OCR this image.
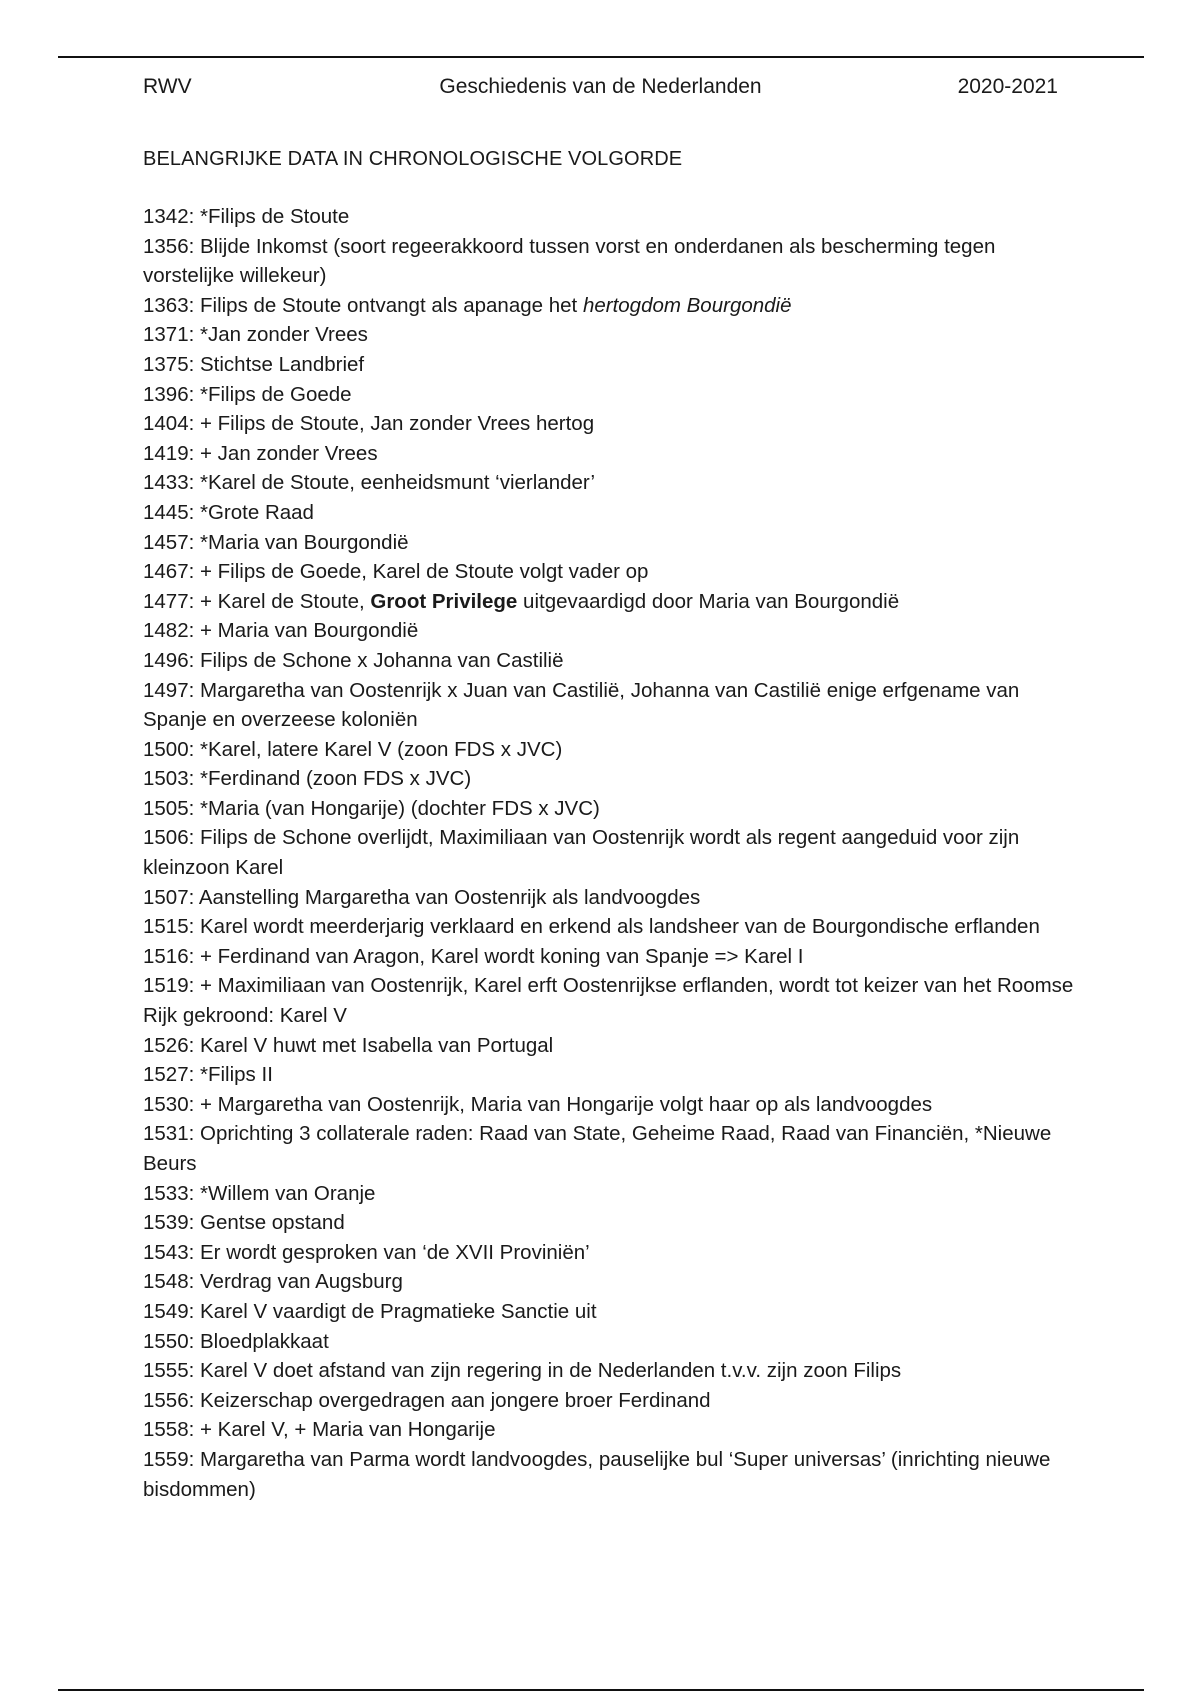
RWV	Geschiedenis van de Nederlanden	2020-2021
BELANGRIJKE DATA IN CHRONOLOGISCHE VOLGORDE
1342: *Filips de Stoute
1356: Blijde Inkomst (soort regeerakkoord tussen vorst en onderdanen als bescherming tegen vorstelijke willekeur)
1363: Filips de Stoute ontvangt als apanage het hertogdom Bourgondië
1371: *Jan zonder Vrees
1375: Stichtse Landbrief
1396: *Filips de Goede
1404: + Filips de Stoute, Jan zonder Vrees hertog
1419: + Jan zonder Vrees
1433: *Karel de Stoute, eenheidsmunt ‘vierlander’
1445: *Grote Raad
1457: *Maria van Bourgondië
1467: + Filips de Goede, Karel de Stoute volgt vader op
1477: + Karel de Stoute, Groot Privilege uitgevaardigd door Maria van Bourgondië
1482: + Maria van Bourgondië
1496: Filips de Schone x Johanna van Castilië
1497: Margaretha van Oostenrijk x Juan van Castilië, Johanna van Castilië enige erfgename van Spanje en overzeese koloniën
1500: *Karel, latere Karel V (zoon FDS x JVC)
1503: *Ferdinand (zoon FDS x JVC)
1505: *Maria (van Hongarije) (dochter FDS x JVC)
1506: Filips de Schone overlijdt, Maximiliaan van Oostenrijk wordt als regent aangeduid voor zijn kleinzoon Karel
1507: Aanstelling Margaretha van Oostenrijk als landvoogdes
1515: Karel wordt meerderjarig verklaard en erkend als landsheer van de Bourgondische erflanden
1516: + Ferdinand van Aragon, Karel wordt koning van Spanje => Karel I
1519: + Maximiliaan van Oostenrijk, Karel erft Oostenrijkse erflanden, wordt tot keizer van het Roomse Rijk gekroond: Karel V
1526: Karel V huwt met Isabella van Portugal
1527: *Filips II
1530: + Margaretha van Oostenrijk, Maria van Hongarije volgt haar op als landvoogdes
1531: Oprichting 3 collaterale raden: Raad van State, Geheime Raad, Raad van Financiën, *Nieuwe Beurs
1533: *Willem van Oranje
1539: Gentse opstand
1543: Er wordt gesproken van ‘de XVII Proviniën’
1548: Verdrag van Augsburg
1549: Karel V vaardigt de Pragmatieke Sanctie uit
1550: Bloedplakkaat
1555: Karel V doet afstand van zijn regering in de Nederlanden t.v.v. zijn zoon Filips
1556: Keizerschap overgedragen aan jongere broer Ferdinand
1558: + Karel V, + Maria van Hongarije
1559: Margaretha van Parma wordt landvoogdes, pauselijke bul ‘Super universas’ (inrichting nieuwe bisdommen)
